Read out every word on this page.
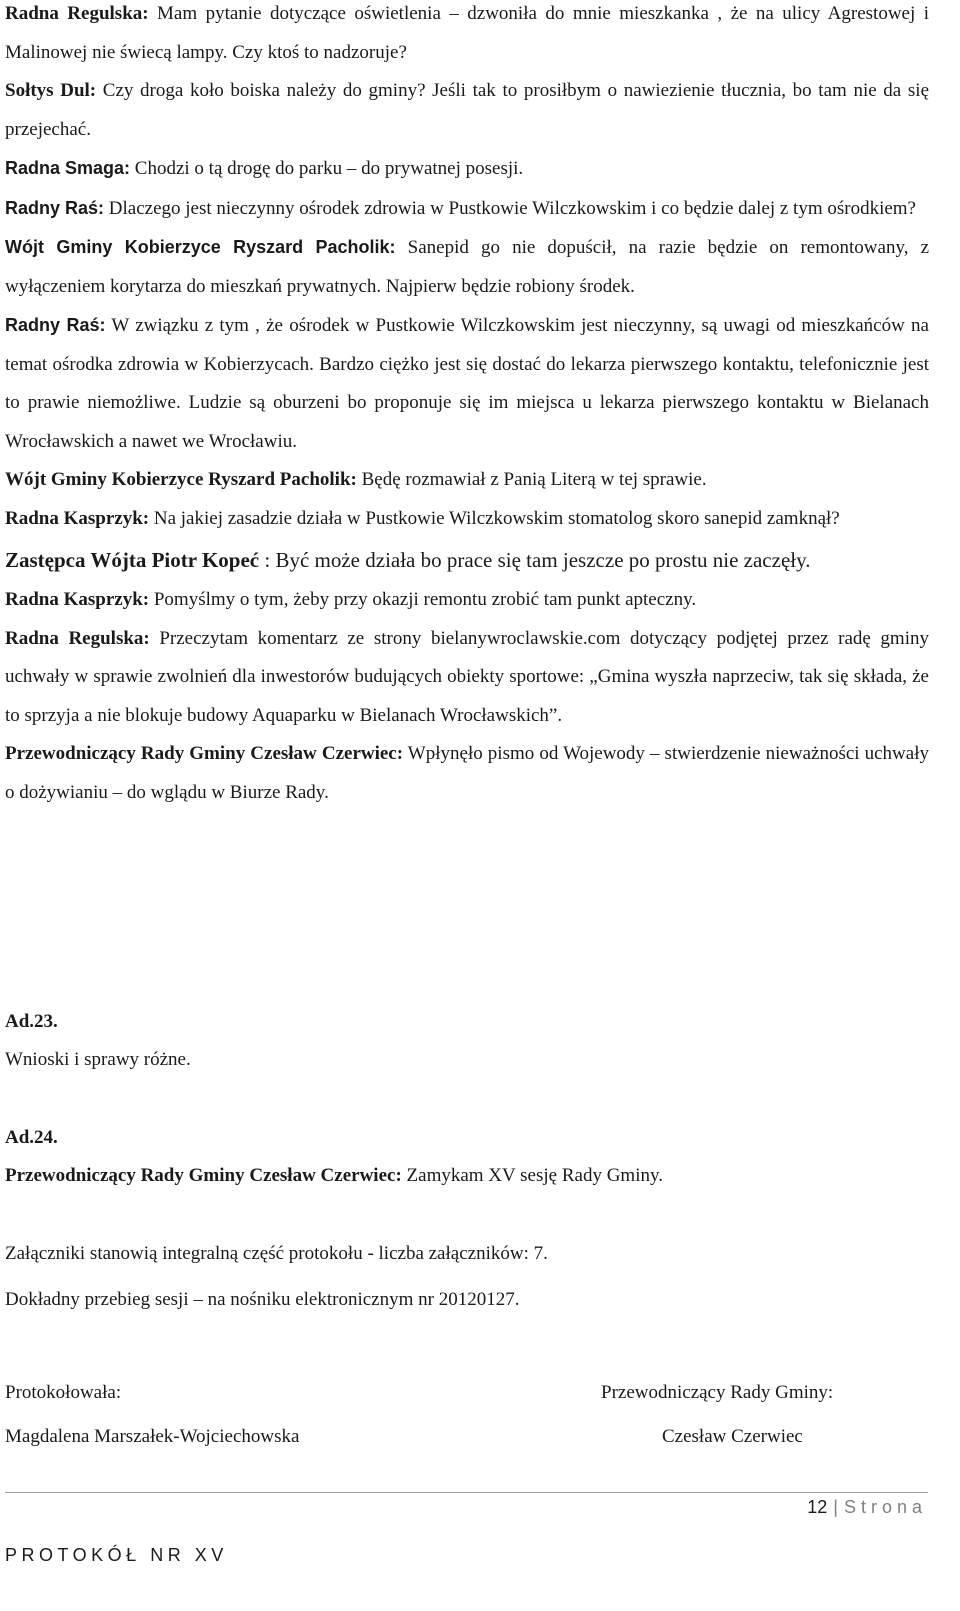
Radna Regulska: Mam pytanie dotyczące oświetlenia – dzwoniła do mnie mieszkanka , że na ulicy Agrestowej i Malinowej nie świecą lampy. Czy ktoś to nadzoruje?

Sołtys Dul: Czy droga koło boiska należy do gminy? Jeśli tak to prosiłbym o nawiezienie tłucznia, bo tam nie da się przejechać.

Radna Smaga: Chodzi o tą drogę do parku – do prywatnej posesji.

Radny Raś: Dlaczego jest nieczynny ośrodek zdrowia w Pustkowie Wilczkowskim i co będzie dalej z tym ośrodkiem?

Wójt Gminy Kobierzyce Ryszard Pacholik: Sanepid go nie dopuścił, na razie będzie on remontowany, z wyłączeniem korytarza do mieszkań prywatnych. Najpierw będzie robiony środek.

Radny Raś: W związku z tym , że ośrodek w Pustkowie Wilczkowskim jest nieczynny, są uwagi od mieszkańców na temat ośrodka zdrowia w Kobierzycach. Bardzo ciężko jest się dostać do lekarza pierwszego kontaktu, telefonicznie jest to prawie niemożliwe. Ludzie są oburzeni bo proponuje się im miejsca u lekarza pierwszego kontaktu w Bielanach Wrocławskich a nawet we Wrocławiu.

Wójt Gminy Kobierzyce Ryszard Pacholik: Będę rozmawiał z Panią Literą w tej sprawie.

Radna Kasprzyk: Na jakiej zasadzie działa w Pustkowie Wilczkowskim stomatolog skoro sanepid zamknął?

Zastępca Wójta Piotr Kopeć : Być może działa bo prace się tam jeszcze po prostu nie zaczęły.

Radna Kasprzyk: Pomyślmy o tym, żeby przy okazji remontu zrobić tam punkt apteczny.

Radna Regulska: Przeczytam komentarz ze strony bielanywroclawskie.com dotyczący podjętej przez radę gminy uchwały w sprawie zwolnień dla inwestorów budujących obiekty sportowe: „Gmina wyszła naprzeciw, tak się składa, że to sprzyja a nie blokuje budowy Aquaparku w Bielanach Wrocławskich”.

Przewodniczący Rady Gminy Czesław Czerwiec: Wpłynęło pismo od Wojewody – stwierdzenie nieważności uchwały o dożywianiu – do wglądu w Biurze Rady.

Ad.23.
Wnioski i sprawy różne.
Ad.24.
Przewodniczący Rady Gminy Czesław Czerwiec: Zamykam XV sesję Rady Gminy.
Załączniki stanowią integralną część protokołu - liczba załączników: 7.
Dokładny przebieg sesji – na nośniku elektronicznym nr 20120127.
Protokołowała:
Magdalena Marszałek-Wojciechowska
Przewodniczący Rady Gminy:
Czesław Czerwiec
12 | Strona
PROTOKÓŁ NR XV
